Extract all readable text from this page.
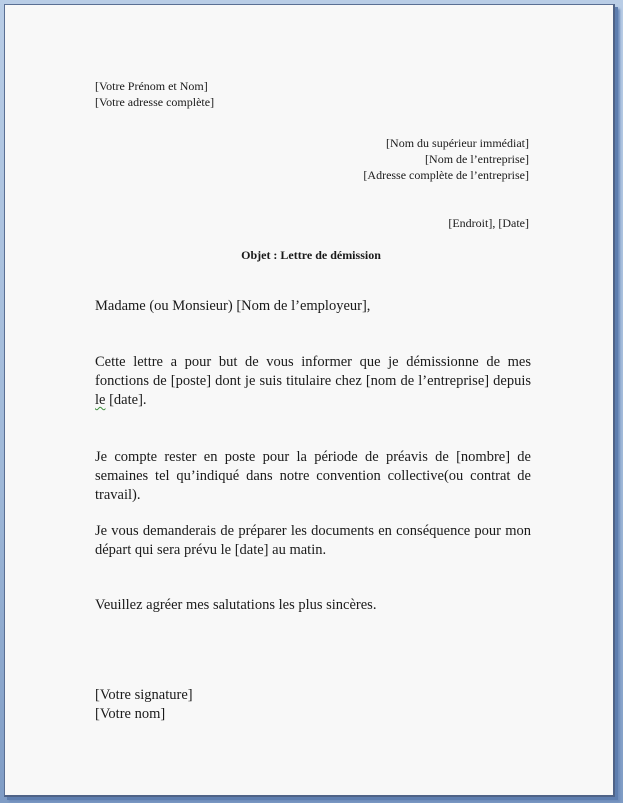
[Votre Prénom et Nom]
[Votre adresse complète]
[Nom du supérieur immédiat]
[Nom de l’entreprise]
[Adresse complète de l’entreprise]
[Endroit], [Date]
Objet : Lettre de démission
Madame (ou Monsieur) [Nom de l’employeur],
Cette lettre a pour but de vous informer que je démissionne de mes fonctions de [poste] dont je suis titulaire chez [nom de l’entreprise] depuis le [date].
Je compte rester en poste pour la période de préavis de [nombre] de semaines tel qu’indiqué dans notre convention collective(ou contrat de travail).
Je vous demanderais de préparer les documents en conséquence pour mon départ qui sera prévu le [date] au matin.
Veuillez agréer mes salutations les plus sincères.
[Votre signature]
[Votre nom]
